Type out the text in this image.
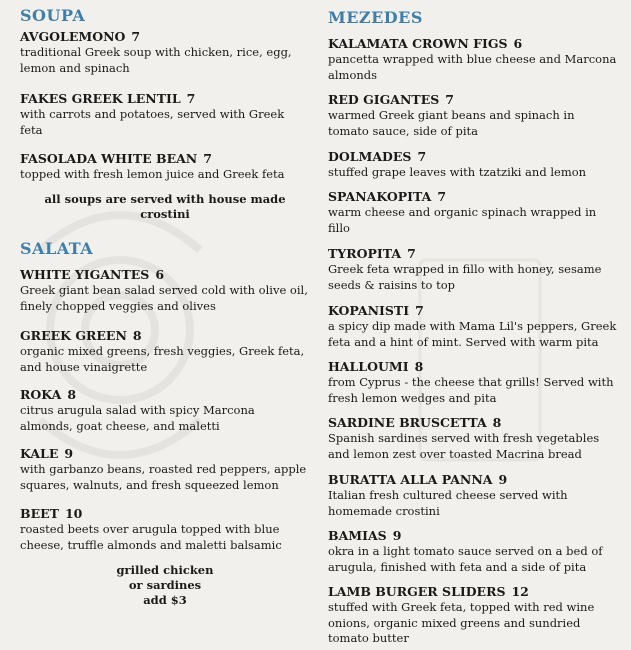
SOUPA
AVGOLEMONO 7
traditional Greek soup with chicken, rice, egg,
lemon and spinach
FAKES GREEK LENTIL 7
with carrots and potatoes, served with Greek
feta
FASOLADA WHITE BEAN 7
topped with fresh lemon juice and Greek feta
all soups are served with house made
crostini
SALATA
WHITE YIGANTES 6
Greek giant bean salad served cold with olive oil,
finely chopped veggies and olives
GREEK GREEN 8
organic mixed greens, fresh veggies, Greek feta,
and house vinaigrette
ROKA 8
citrus arugula salad with spicy Marcona
almonds, goat cheese, and maletti
KALE 9
with garbanzo beans, roasted red peppers, apple
squares, walnuts, and fresh squeezed lemon
BEET 10
roasted beets over arugula topped with blue
cheese, truffle almonds and maletti balsamic
grilled chicken
or sardines
add $3
MEZEDES
KALAMATA CROWN FIGS 6
pancetta wrapped with blue cheese and Marcona
almonds
RED GIGANTES 7
warmed Greek giant beans and spinach in
tomato sauce, side of pita
DOLMADES 7
stuffed grape leaves with tzatziki and lemon
SPANAKOPITA 7
warm cheese and organic spinach wrapped in
fillo
TYROPITA 7
Greek feta wrapped in fillo with honey, sesame
seeds & raisins to top
KOPANISTI 7
a spicy dip made with Mama Lil's peppers, Greek
feta and a hint of mint. Served with warm pita
HALLOUMI 8
from Cyprus - the cheese that grills! Served with
fresh lemon wedges and pita
SARDINE BRUSCETTA 8
Spanish sardines served with fresh vegetables
and lemon zest over toasted Macrina bread
BURATTA ALLA PANNA 9
Italian fresh cultured cheese served with
homemade crostini
BAMIAS 9
okra in a light tomato sauce served on a bed of
arugula, finished with feta and a side of pita
LAMB BURGER SLIDERS 12
stuffed with Greek feta, topped with red wine
onions, organic mixed greens and sundried
tomato butter
